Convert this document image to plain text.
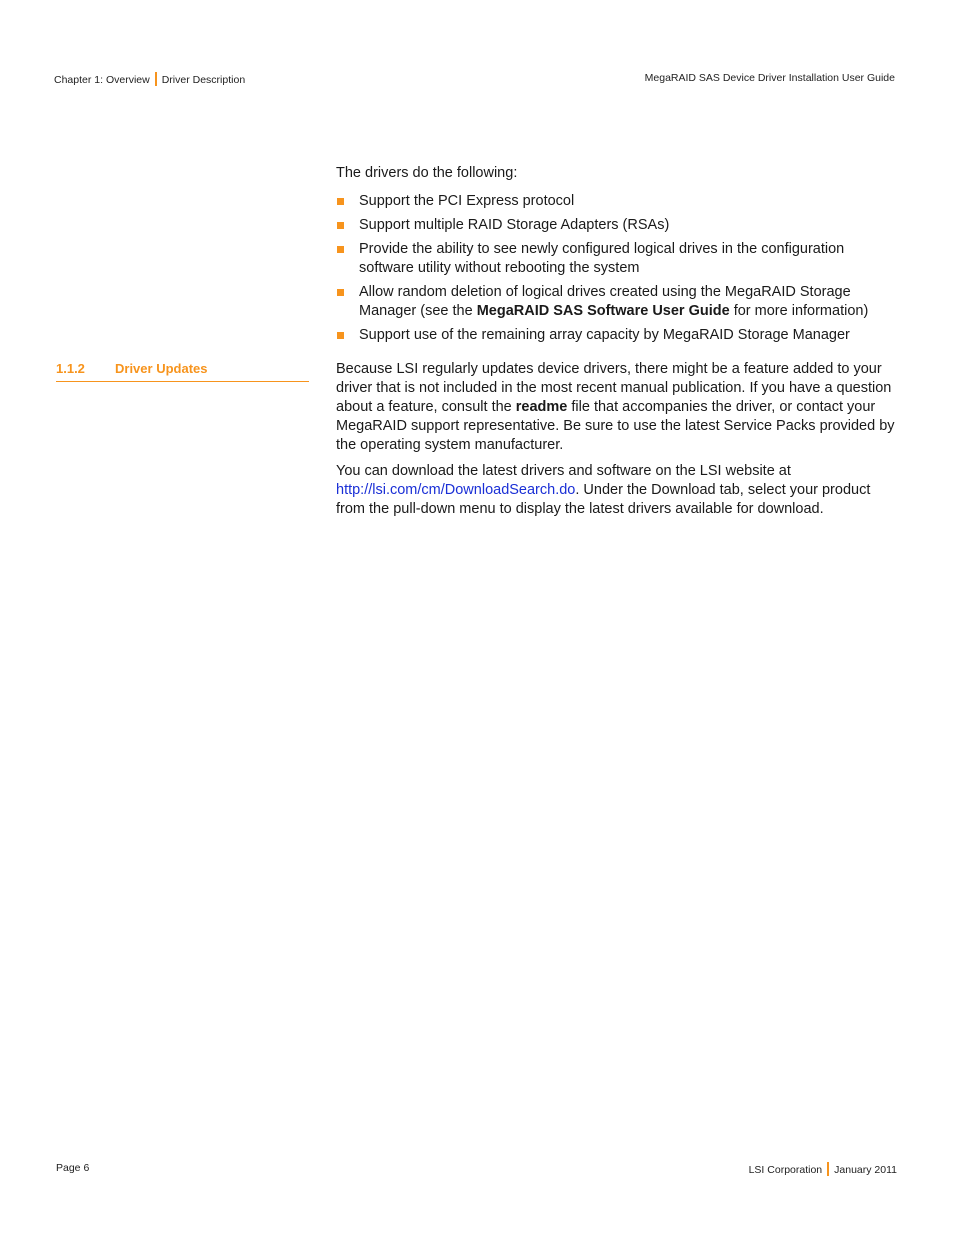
Chapter 1: Overview Driver Description	MegaRAID SAS Device Driver Installation User Guide

The drivers do the following:

Support the PCI Express protocol
Support multiple RAID Storage Adapters (RSAs)
Provide the ability to see newly configured logical drives in the configuration software utility without rebooting the system
Allow random deletion of logical drives created using the MegaRAID Storage Manager (see the MegaRAID SAS Software User Guide for more information)
Support use of the remaining array capacity by MegaRAID Storage Manager
1.1.2 Driver Updates	Because LSI regularly updates device drivers, there might be a feature added to your driver that is not included in the most recent manual publication. If you have a question about a feature, consult the readme file that accompanies the driver, or contact your MegaRAID support representative. Be sure to use the latest Service Packs provided by the operating system manufacturer.

You can download the latest drivers and software on the LSI website at http://lsi.com/cm/DownloadSearch.do. Under the Download tab, select your product from the pull-down menu to display the latest drivers available for download.

Page 6	LSI Corporation January 2011
